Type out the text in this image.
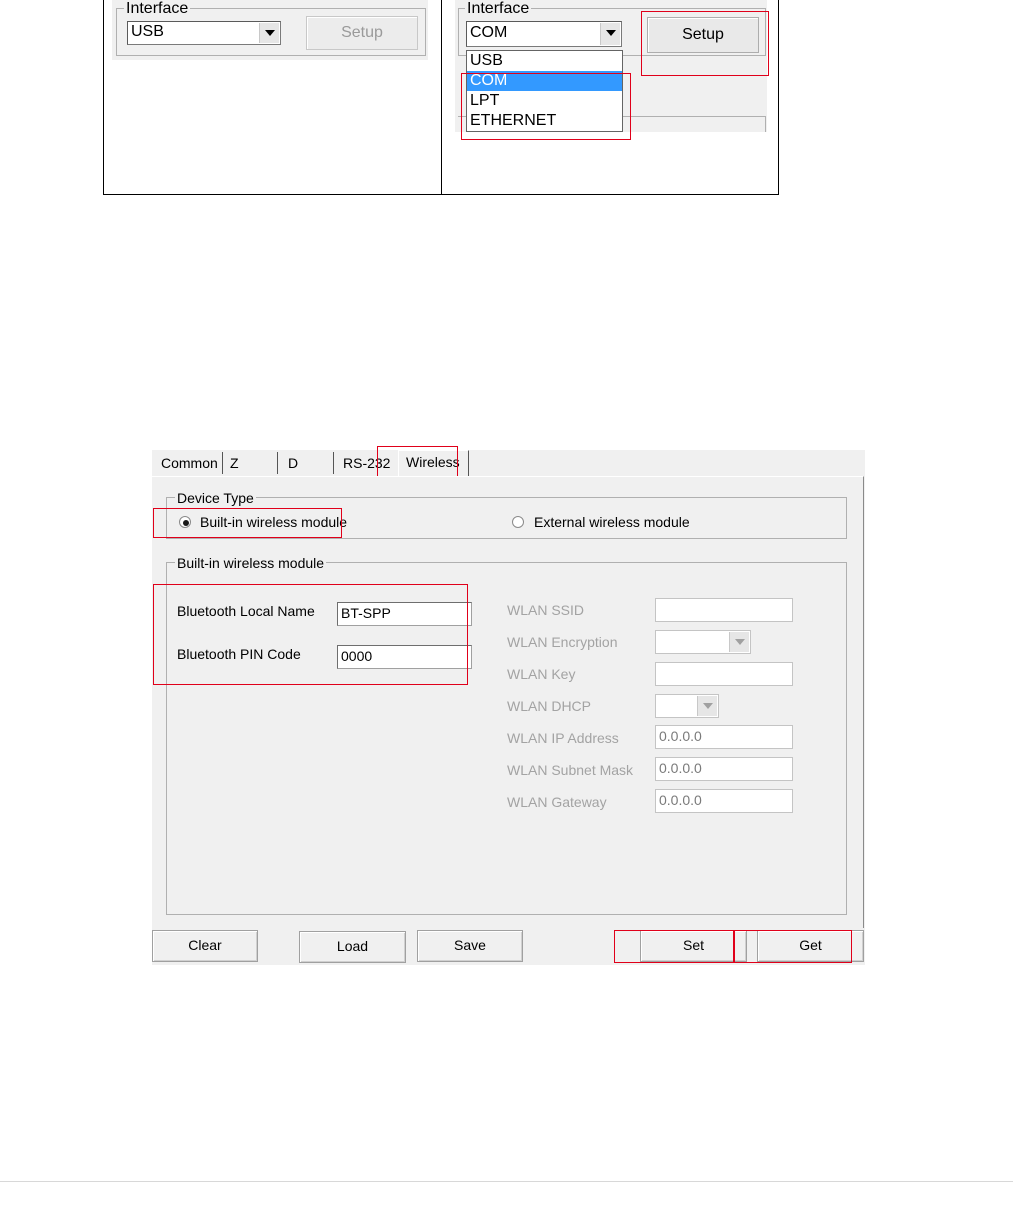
Interface
USB	Setup
Interface
COM
USB
COM
LPT
ETHERNET
Setup
Common Z	D	RS-232 Wireless
Device Type
Built-in wireless module	External wireless module
Built-in wireless module
Bluetooth Local Name BT-SPP
Bluetooth PIN Code	0000
WLAN SSID
WLAN Encryption
WLAN Key
WLAN DHCP
WLAN IP Address	0.0.0.0
WLAN Subnet Mask 0.0.0.0
WLAN Gateway	0.0.0.0
Clear	Load	Save	Set	Get
